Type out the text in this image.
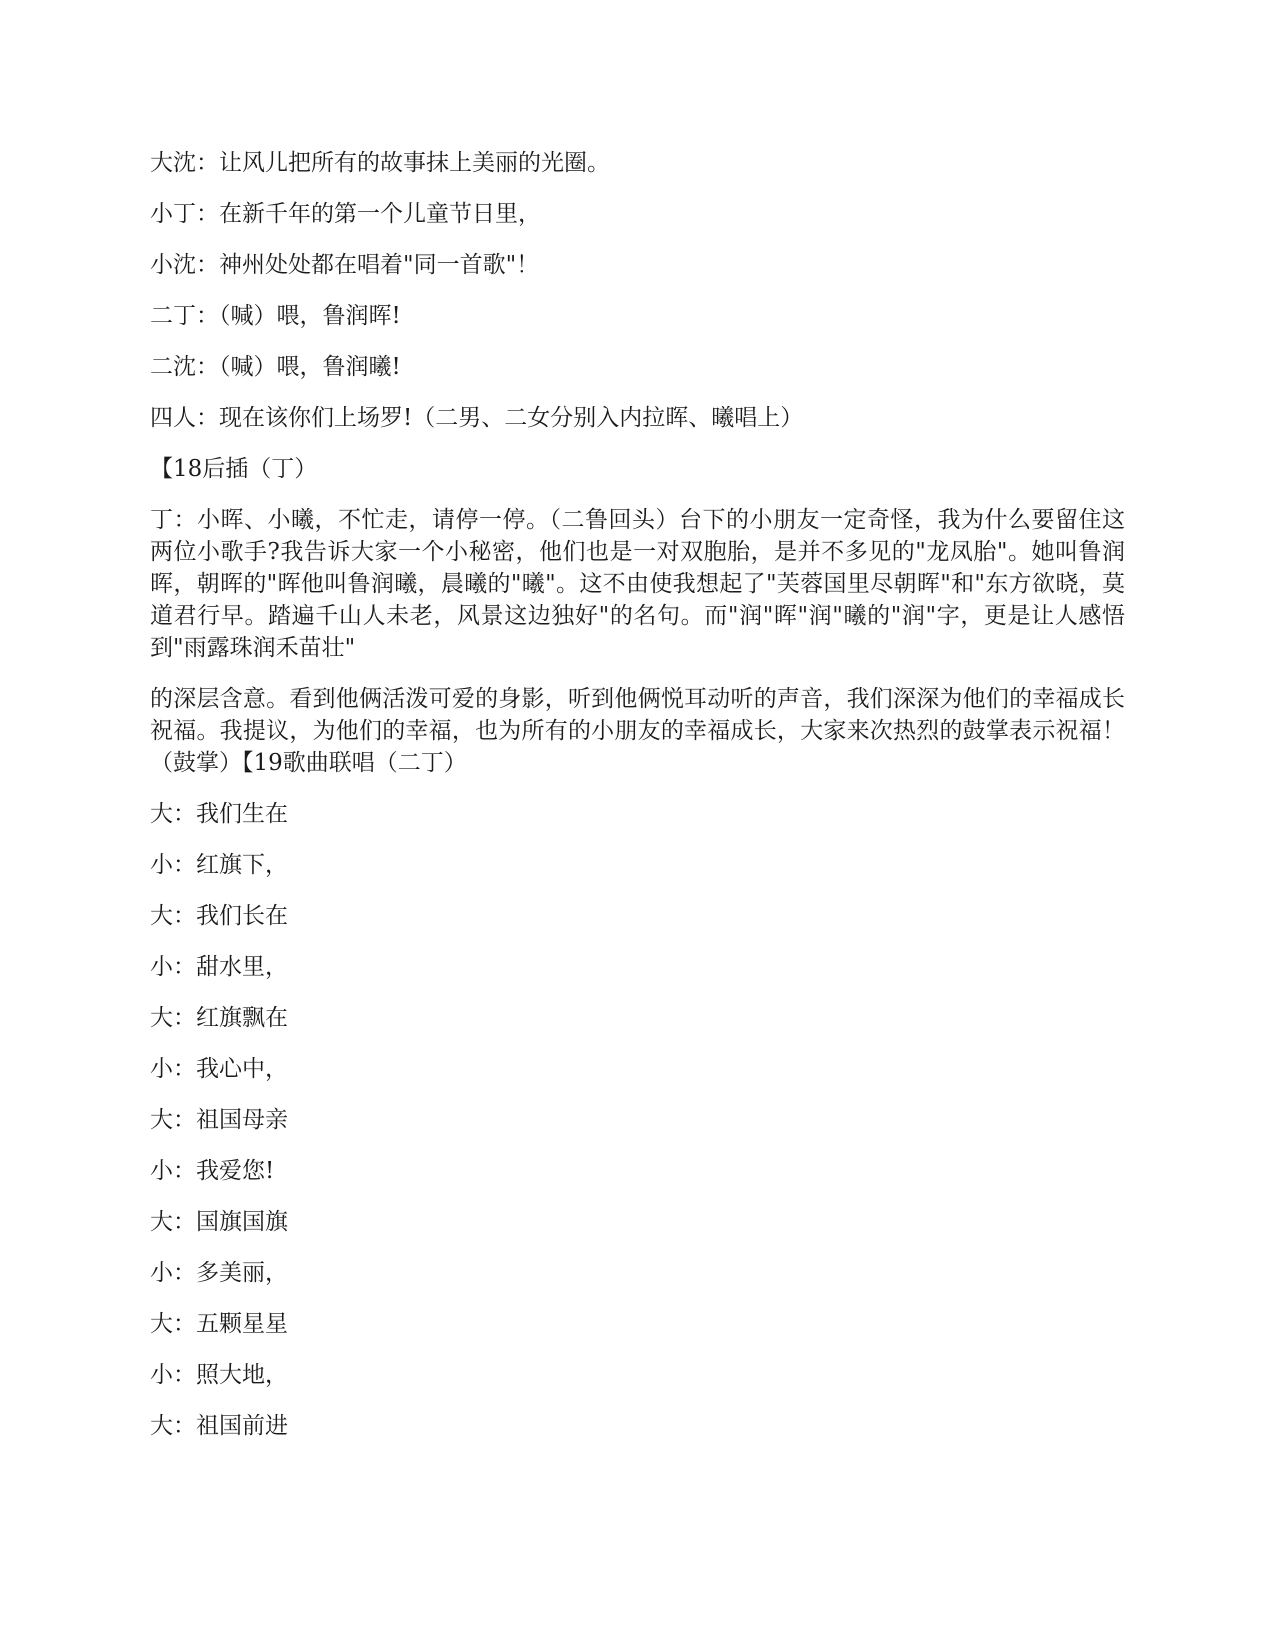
大沈：让风儿把所有的故事抹上美丽的光圈。

小丁：在新千年的第一个儿童节日里，

小沈：神州处处都在唱着"同一首歌"！

二丁：（喊）喂，鲁润晖!

二沈：（喊）喂，鲁润曦!

四人：现在该你们上场罗!（二男、二女分别入内拉晖、曦唱上）

【18后插（丁）

丁：小晖、小曦，不忙走，请停一停。（二鲁回头）台下的小朋友一定奇怪，我为什么要留住这两位小歌手?我告诉大家一个小秘密，他们也是一对双胞胎，是并不多见的"龙凤胎"。她叫鲁润晖，朝晖的"晖他叫鲁润曦，晨曦的"曦"。这不由使我想起了"芙蓉国里尽朝晖"和"东方欲晓，莫道君行早。踏遍千山人未老，风景这边独好"的名句。而"润"晖"润"曦的"润"字，更是让人感悟到"雨露珠润禾苗壮"

的深层含意。看到他俩活泼可爱的身影，听到他俩悦耳动听的声音，我们深深为他们的幸福成长祝福。我提议，为他们的幸福，也为所有的小朋友的幸福成长，大家来次热烈的鼓掌表示祝福！（鼓掌）【19歌曲联唱（二丁）

大：我们生在

小：红旗下，

大：我们长在

小：甜水里，

大：红旗飘在

小：我心中，

大：祖国母亲

小：我爱您!

大：国旗国旗

小：多美丽，

大：五颗星星

小：照大地，

大：祖国前进
